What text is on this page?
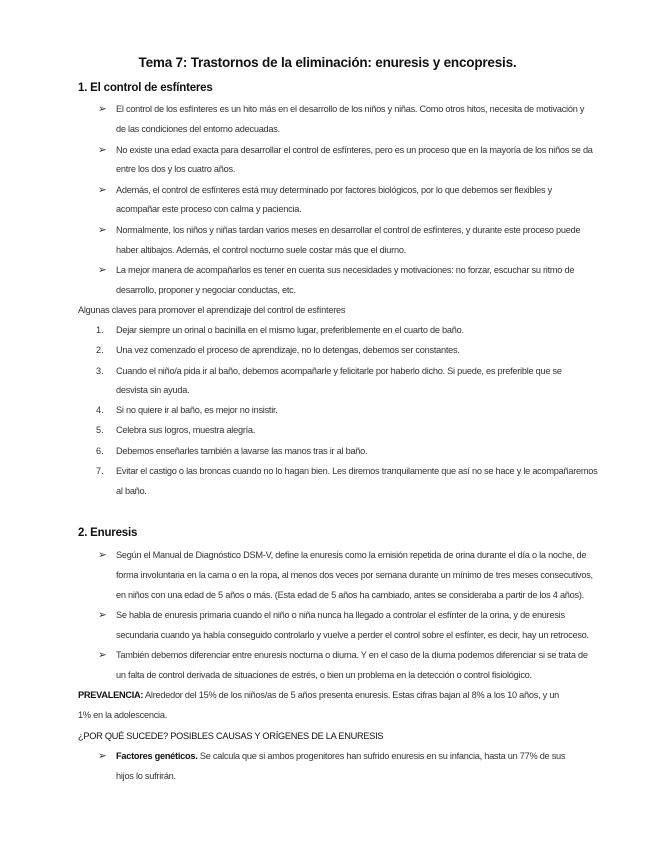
Tema 7: Trastornos de la eliminación: enuresis y encopresis.
1. El control de esfínteres
➢ El control de los esfínteres es un hito más en el desarrollo de los niños y niñas. Como otros hitos, necesita de motivación y
de las condiciones del entorno adecuadas.
➢ No existe una edad exacta para desarrollar el control de esfínteres, pero es un proceso que en la mayoría de los niños se da
entre los dos y los cuatro años.
➢ Además, el control de esfínteres está muy determinado por factores biológicos, por lo que debemos ser flexibles y
acompañar este proceso con calma y paciencia.
➢ Normalmente, los niños y niñas tardan varios meses en desarrollar el control de esfínteres, y durante este proceso puede
haber altibajos. Además, el control nocturno suele costar más que el diurno.
➢ La mejor manera de acompañarlos es tener en cuenta sus necesidades y motivaciones: no forzar, escuchar su ritmo de
desarrollo, proponer y negociar conductas, etc.
Algunas claves para promover el aprendizaje del control de esfínteres
1. Dejar siempre un orinal o bacinilla en el mismo lugar, preferiblemente en el cuarto de baño.
2. Una vez comenzado el proceso de aprendizaje, no lo detengas, debemos ser constantes.
3. Cuando el niño/a pida ir al baño, debemos acompañarle y felicitarle por haberlo dicho. Si puede, es preferible que se
desvista sin ayuda.
4. Si no quiere ir al baño, es mejor no insistir.
5. Celebra sus logros, muestra alegría.
6. Debemos enseñarles también a lavarse las manos tras ir al baño.
7. Evitar el castigo o las broncas cuando no lo hagan bien. Les diremos tranquilamente que así no se hace y le acompañaremos
al baño.
2. Enuresis
➢ Según el Manual de Diagnóstico DSM-V, define la enuresis como la emisión repetida de orina durante el día o la noche, de
forma involuntaria en la cama o en la ropa, al menos dos veces por semana durante un mínimo de tres meses consecutivos,
en niños con una edad de 5 años o más. (Esta edad de 5 años ha cambiado, antes se consideraba a partir de los 4 años).
➢ Se habla de enuresis primaria cuando el niño o niña nunca ha llegado a controlar el esfínter de la orina, y de enuresis
secundaria cuando ya había conseguido controlarlo y vuelve a perder el control sobre el esfínter, es decir, hay un retroceso.
➢ También debemos diferenciar entre enuresis nocturna o diurna. Y en el caso de la diurna podemos diferenciar si se trata de
un falta de control derivada de situaciones de estrés, o bien un problema en la detección o control fisiológico.
PREVALENCIA: Alrededor del 15% de los niños/as de 5 años presenta enuresis. Estas cifras bajan al 8% a los 10 años, y un
1% en la adolescencia.
¿POR QUÉ SUCEDE? POSIBLES CAUSAS Y ORÍGENES DE LA ENURESIS
➢ Factores genéticos. Se calcula que si ambos progenitores han sufrido enuresis en su infancia, hasta un 77% de sus
hijos lo sufrirán.
